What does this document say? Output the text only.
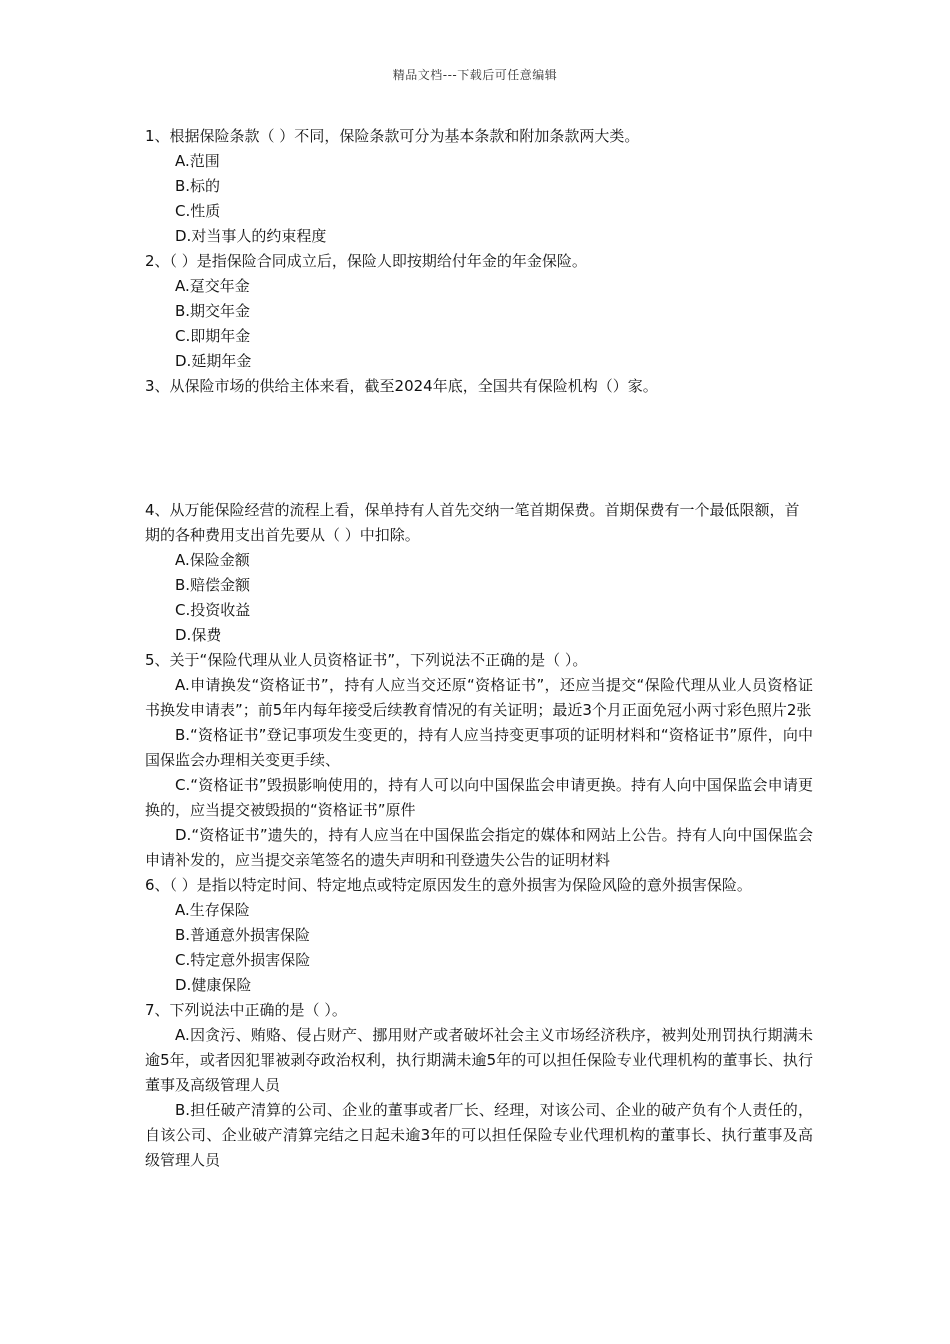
精品文档---下载后可任意编辑

1、根据保险条款（ ）不同，保险条款可分为基本条款和附加条款两大类。

A.范围

B.标的

C.性质

D.对当事人的约束程度

2、（ ）是指保险合同成立后，保险人即按期给付年金的年金保险。

A.趸交年金

B.期交年金

C.即期年金

D.延期年金

3、从保险市场的供给主体来看，截至2024年底，全国共有保险机构（）家。

4、从万能保险经营的流程上看，保单持有人首先交纳一笔首期保费。首期保费有一个最低限额，首期的各种费用支出首先要从（ ）中扣除。

A.保险金额

B.赔偿金额

C.投资收益

D.保费

5、关于“保险代理从业人员资格证书”，下列说法不正确的是（ ）。

A.申请换发“资格证书”，持有人应当交还原“资格证书”，还应当提交“保险代理从业人员资格证书换发申请表”；前5年内每年接受后续教育情况的有关证明；最近3个月正面免冠小两寸彩色照片2张

B.“资格证书”登记事项发生变更的，持有人应当持变更事项的证明材料和“资格证书”原件，向中国保监会办理相关变更手续、

C.“资格证书”毁损影响使用的，持有人可以向中国保监会申请更换。持有人向中国保监会申请更换的，应当提交被毁损的“资格证书”原件

D.“资格证书”遗失的，持有人应当在中国保监会指定的媒体和网站上公告。持有人向中国保监会申请补发的，应当提交亲笔签名的遗失声明和刊登遗失公告的证明材料

6、（ ）是指以特定时间、特定地点或特定原因发生的意外损害为保险风险的意外损害保险。

A.生存保险

B.普通意外损害保险

C.特定意外损害保险

D.健康保险

7、下列说法中正确的是（ ）。

A.因贪污、贿赂、侵占财产、挪用财产或者破坏社会主义市场经济秩序，被判处刑罚执行期满未逾5年，或者因犯罪被剥夺政治权利，执行期满未逾5年的可以担任保险专业代理机构的董事长、执行董事及高级管理人员

B.担任破产清算的公司、企业的董事或者厂长、经理，对该公司、企业的破产负有个人责任的，自该公司、企业破产清算完结之日起未逾3年的可以担任保险专业代理机构的董事长、执行董事及高级管理人员
